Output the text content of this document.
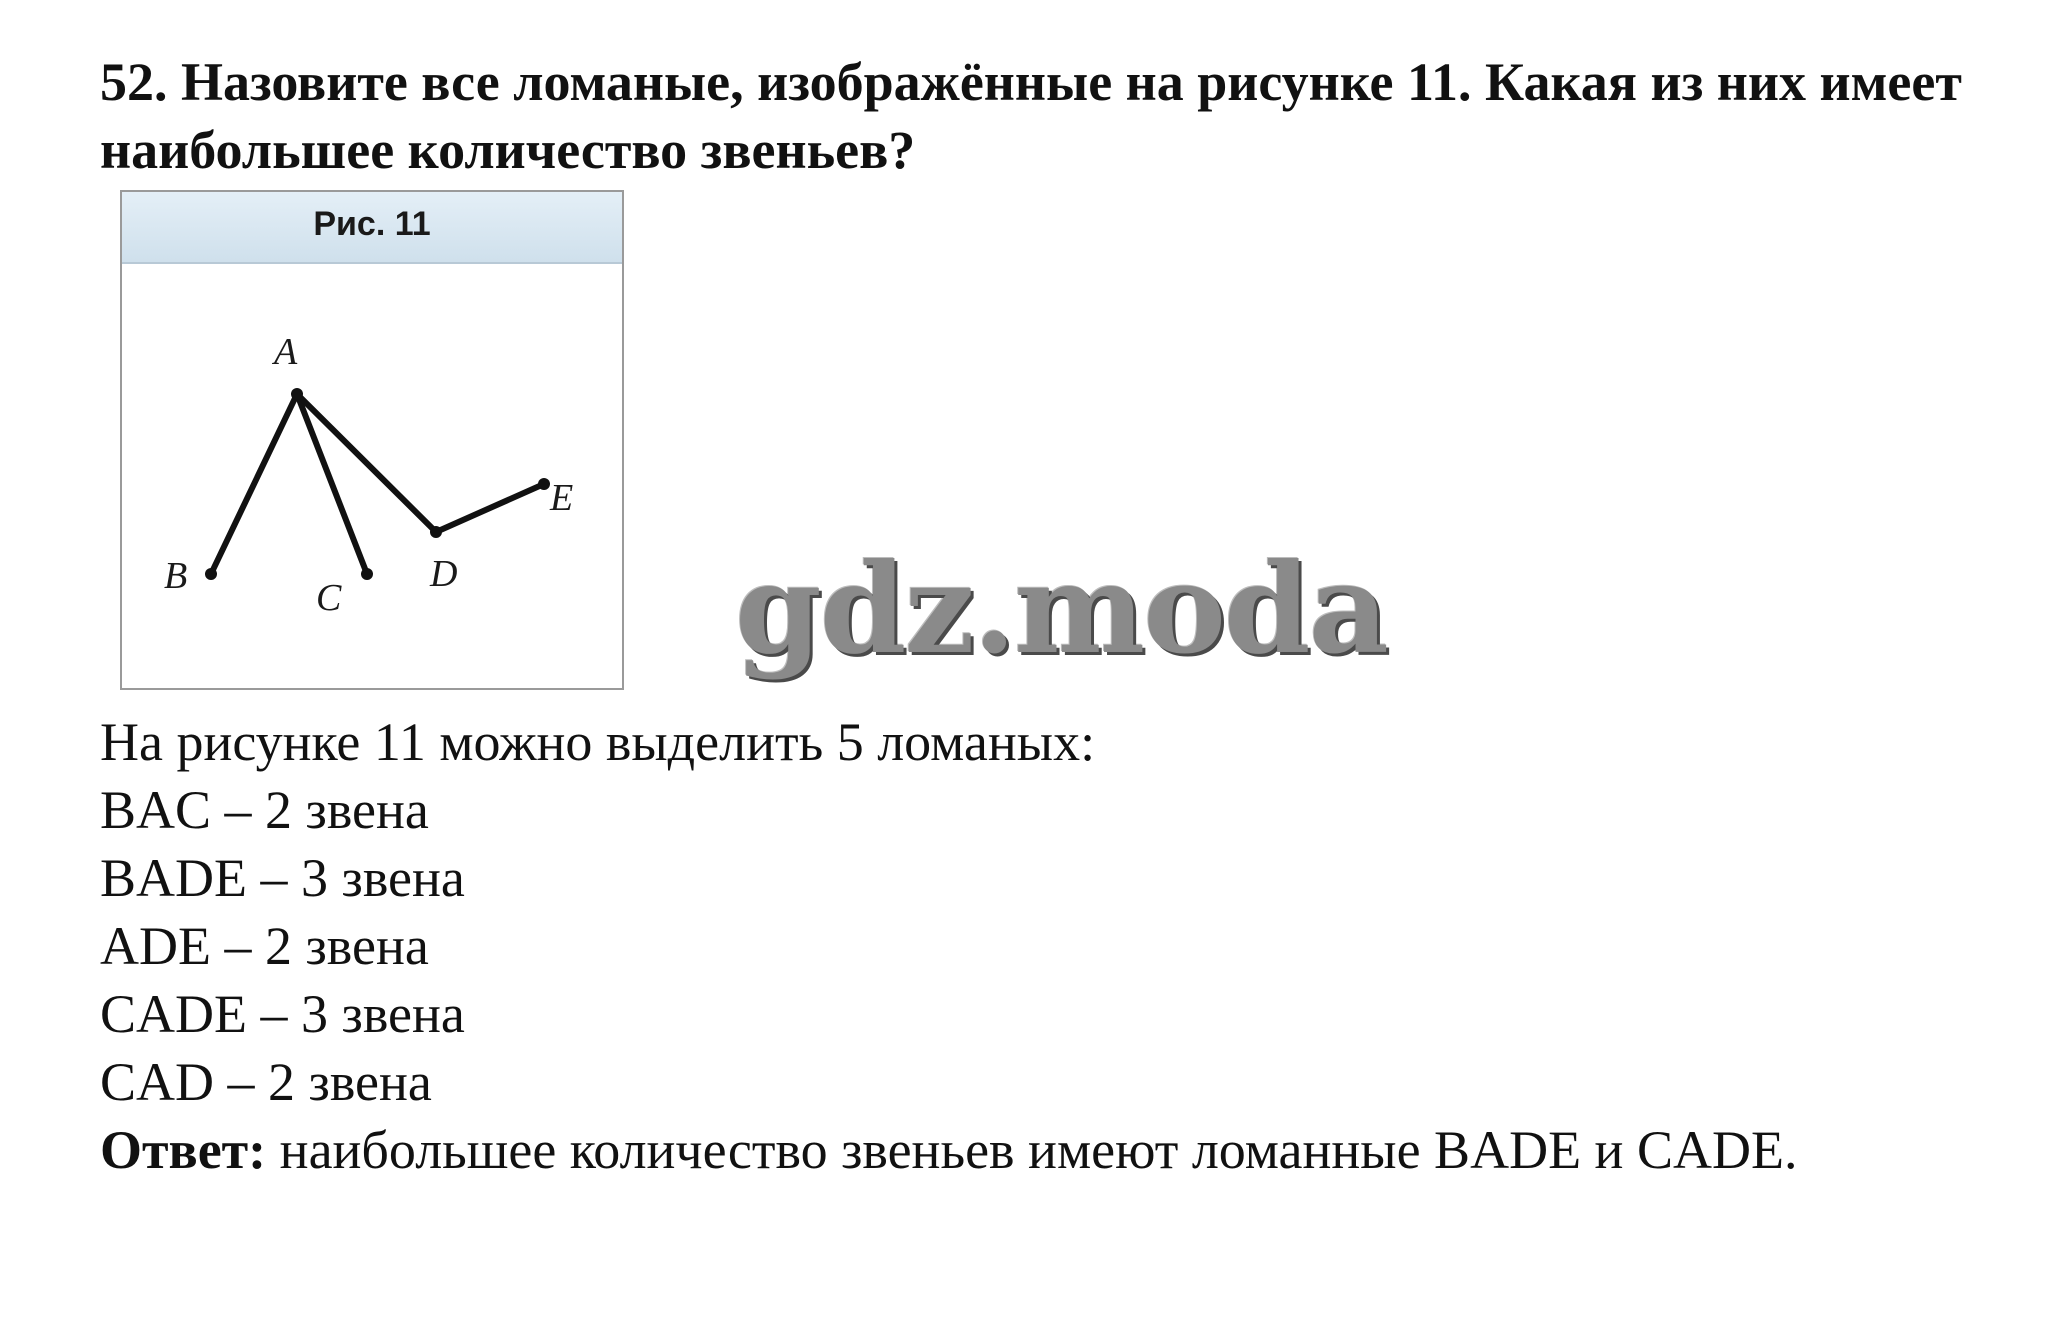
52. Назовите все ломаные, изображённые на рисунке 11. Какая из них имеет наибольшее количество звеньев?

Рис. 11
A
B
C
D
E
gdz.moda
На рисунке 11 можно выделить 5 ломаных:
BAC – 2 звена
BADE – 3 звена
ADE – 2 звена
CADE – 3 звена
CAD – 2 звена
Ответ: наибольшее количество звеньев имеют ломанные BADE и CADE.
